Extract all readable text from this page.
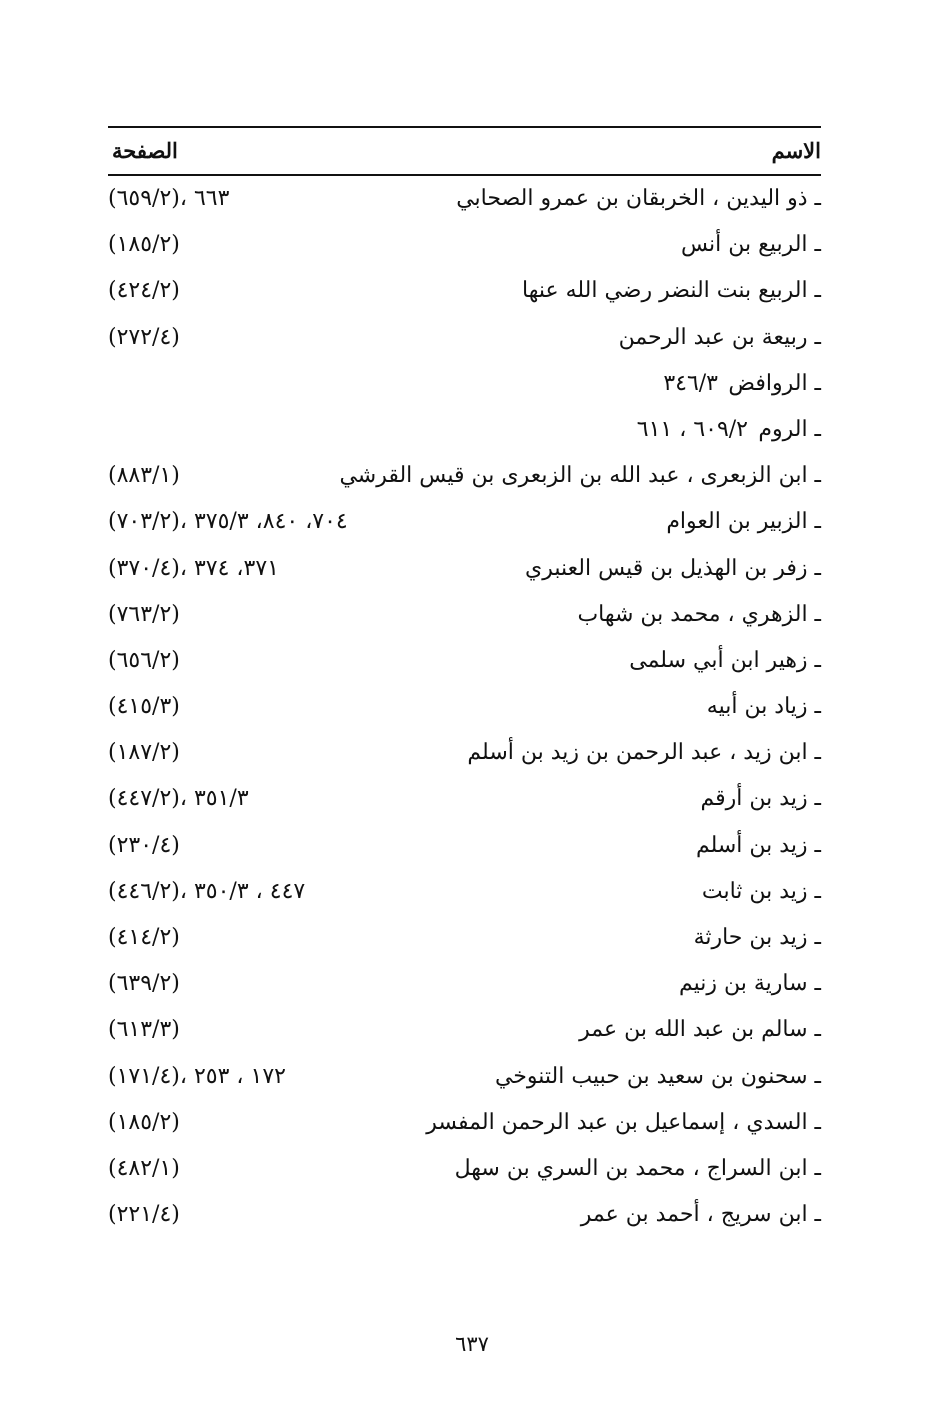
الاسم
الصفحة
ـ ذو اليدين ، الخربقان بن عمرو الصحابي
(٦٥٩/٢)، ٦٦٣
ـ الربيع بن أنس
(١٨٥/٢)
ـ الربيع بنت النضر رضي الله عنها
(٤٢٤/٢)
ـ ربيعة بن عبد الرحمن
(٢٧٢/٤)
ـ الروافض
٣٤٦/٣
ـ الروم
٦٠٩/٢ ، ٦١١
ـ ابن الزبعرى ، عبد الله بن الزبعرى بن قيس القرشي
(٨٨٣/١)
ـ الزبير بن العوام
(٧٠٣/٢)، ٧٠٤، ٨٤٠، ٣٧٥/٣
ـ زفر بن الهذيل بن قيس العنبري
(٣٧٠/٤)، ٣٧١، ٣٧٤
ـ الزهري ، محمد بن شهاب
(٧٦٣/٢)
ـ زهير ابن أبي سلمى
(٦٥٦/٢)
ـ زياد بن أبيه
(٤١٥/٣)
ـ ابن زيد ، عبد الرحمن بن زيد بن أسلم
(١٨٧/٢)
ـ زيد بن أرقم
(٤٤٧/٢)، ٣٥١/٣
ـ زيد بن أسلم
(٢٣٠/٤)
ـ زيد بن ثابت
(٤٤٦/٢)، ٤٤٧ ، ٣٥٠/٣
ـ زيد بن حارثة
(٤١٤/٢)
ـ سارية بن زنيم
(٦٣٩/٢)
ـ سالم بن عبد الله بن عمر
(٦١٣/٣)
ـ سحنون بن سعيد بن حبيب التنوخي
(١٧١/٤)، ١٧٢ ، ٢٥٣
ـ السدي ، إسماعيل بن عبد الرحمن المفسر
(١٨٥/٢)
ـ ابن السراج ، محمد بن السري بن سهل
(٤٨٢/١)
ـ ابن سريج ، أحمد بن عمر
(٢٢١/٤)
٦٣٧
